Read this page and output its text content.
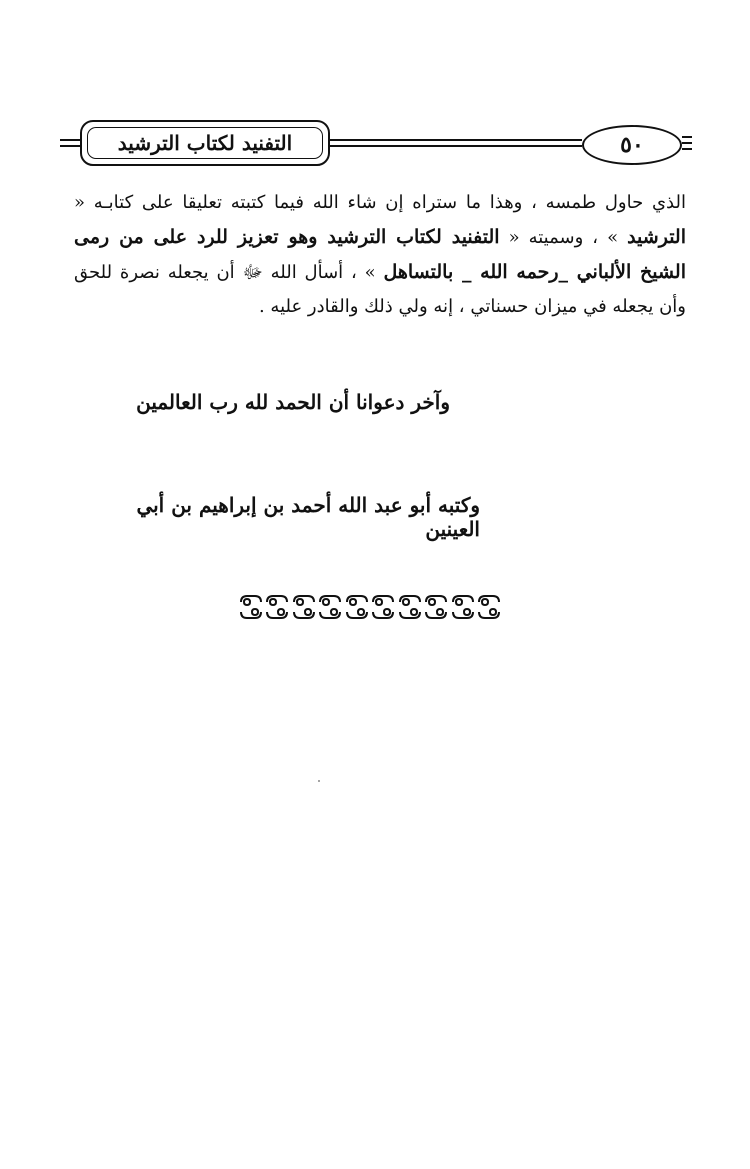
التفنيد لكتاب الترشيد	٥٠
الذي حاول طمسه ، وهذا ما ستراه إن شاء الله فيما كتبته تعليقا على كتابـه « الترشيد » ، وسميته « التفنيد لكتاب الترشيد وهو تعزيز للرد على من رمى الشيخ الألباني _رحمه الله _ بالتساهل » ، أسأل الله ﷻ أن يجعله نصرة للحق وأن يجعله في ميزان حسناتي ، إنه ولي ذلك والقادر عليه .
وآخر دعوانا أن الحمد لله رب العالمين
وكتبه أبو عبد الله أحمد بن إبراهيم بن أبي العينين
